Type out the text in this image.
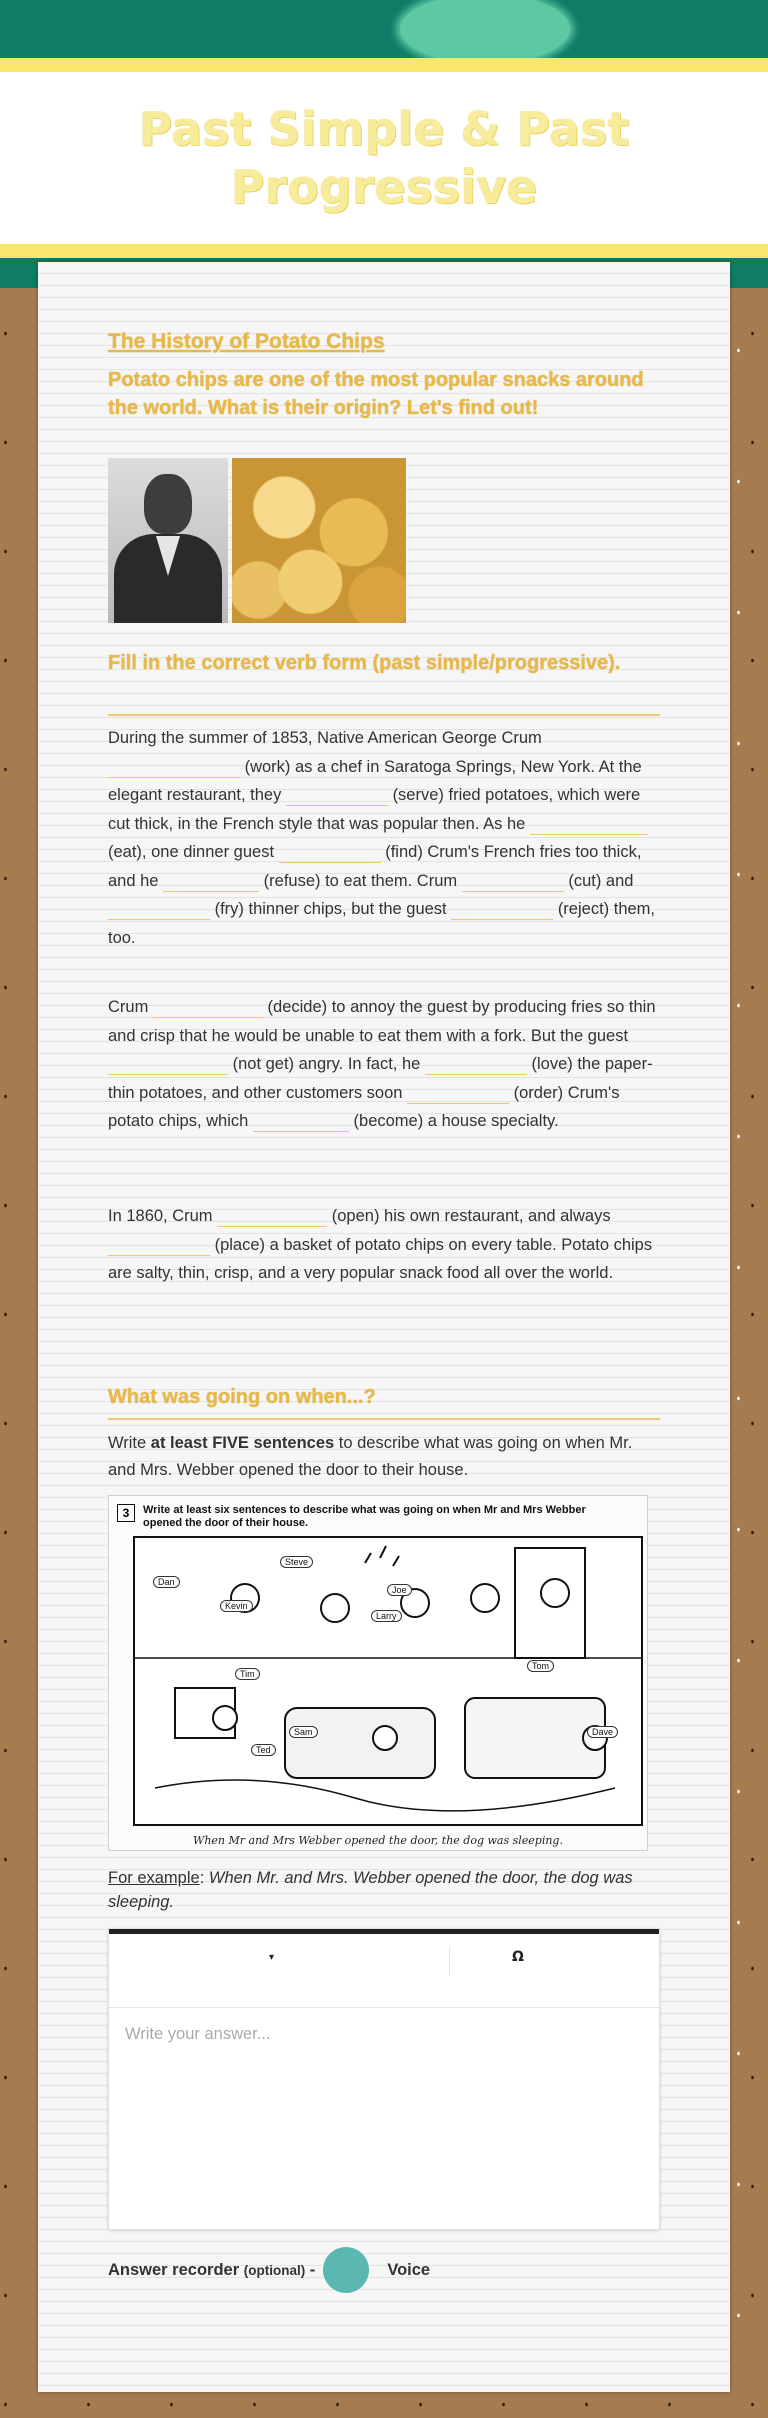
Past Simple & Past Progressive
The History of Potato Chips
Potato chips are one of the most popular snacks around the world. What is their origin? Let's find out!
Fill in the correct verb form (past simple/progressive).
During the summer of 1853, Native American George Crum  (work) as a chef in Saratoga Springs, New York. At the elegant restaurant, they	(serve) fried potatoes, which were cut thick, in the French style that was popular then. As he  (eat), one dinner guest	(find) Crum's French fries too thick, and he	(refuse) to eat them. Crum	(cut) and  (fry) thinner chips, but the guest	(reject) them, too.
Crum	(decide) to annoy the guest by producing fries so thin and crisp that he would be unable to eat them with a fork. But the guest  (not get) angry. In fact, he	(love) the paper-thin potatoes, and other customers soon	(order) Crum's potato chips, which	(become) a house specialty.
In 1860, Crum	(open) his own restaurant, and always  (place) a basket of potato chips on every table. Potato chips are salty, thin, crisp, and a very popular snack food all over the world.
What was going on when...?
Write at least FIVE sentences to describe what was going on when Mr. and Mrs. Webber opened the door to their house.
3	Write at least six sentences to describe what was going on when Mr and Mrs Webber opened the door of their house.
Steve
Dan
Joe
Kevin
Larry
Tim
Tom
Sam
Ted
Dave
When Mr and Mrs Webber opened the door, the dog was sleeping.
For example: When Mr. and Mrs. Webber opened the door, the dog was sleeping.
▾	Ω
Write your answer...
Answer recorder (optional) -	Voice
